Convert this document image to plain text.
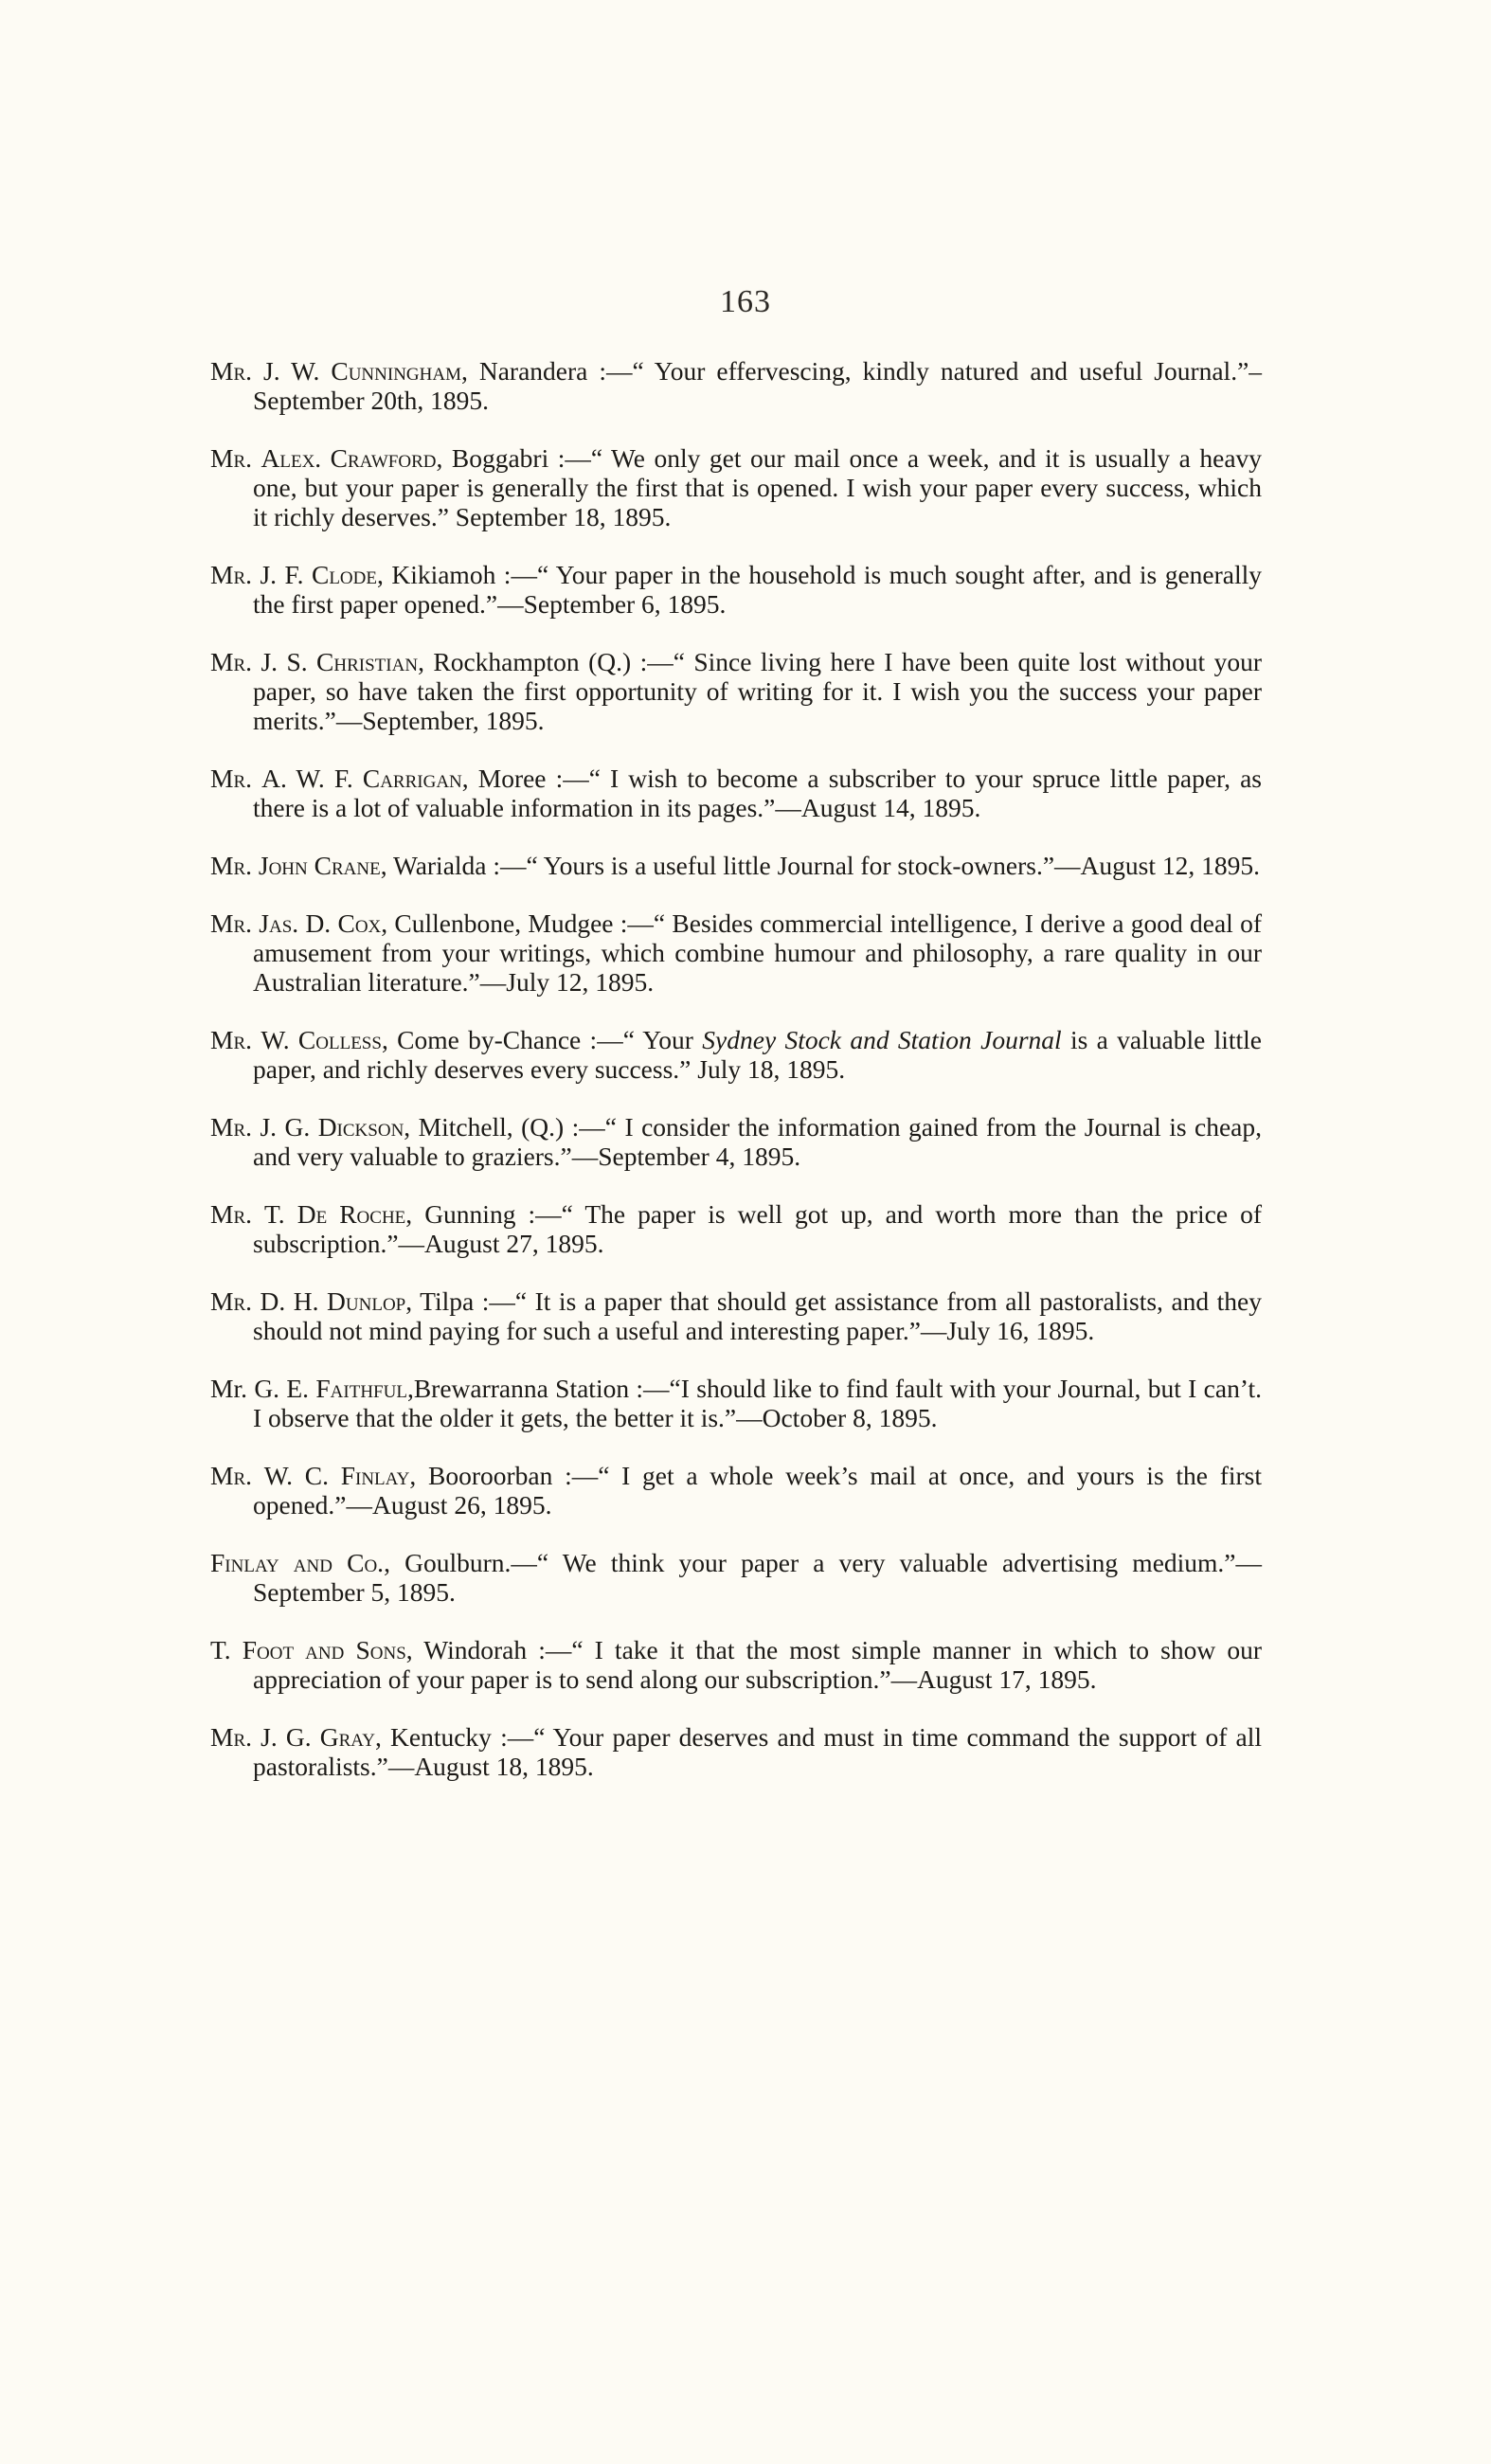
163

Mr. J. W. Cunningham, Narandera :—“ Your effervescing, kindly natured and useful Journal.”– September 20th, 1895.

Mr. Alex. Crawford, Boggabri :—“ We only get our mail once a week, and it is usually a heavy one, but your paper is generally the first that is opened. I wish your paper every success, which it richly deserves.” September 18, 1895.

Mr. J. F. Clode, Kikiamoh :—“ Your paper in the household is much sought after, and is generally the first paper opened.”—September 6, 1895.

Mr. J. S. Christian, Rockhampton (Q.) :—“ Since living here I have been quite lost without your paper, so have taken the first opportunity of writing for it. I wish you the success your paper merits.”—September, 1895.

Mr. A. W. F. Carrigan, Moree :—“ I wish to become a subscriber to your spruce little paper, as there is a lot of valuable information in its pages.”—August 14, 1895.

Mr. John Crane, Warialda :—“ Yours is a useful little Journal for stock-owners.”—August 12, 1895.

Mr. Jas. D. Cox, Cullenbone, Mudgee :—“ Besides commercial intelligence, I derive a good deal of amusement from your writings, which combine humour and philosophy, a rare quality in our Australian literature.”—July 12, 1895.

Mr. W. Colless, Come by-Chance :—“ Your Sydney Stock and Station Journal is a valuable little paper, and richly deserves every success.” July 18, 1895.

Mr. J. G. Dickson, Mitchell, (Q.) :—“ I consider the information gained from the Journal is cheap, and very valuable to graziers.”—September 4, 1895.

Mr. T. De Roche, Gunning :—“ The paper is well got up, and worth more than the price of subscription.”—August 27, 1895.

Mr. D. H. Dunlop, Tilpa :—“ It is a paper that should get assistance from all pastoralists, and they should not mind paying for such a useful and interesting paper.”—July 16, 1895.

Mr. G. E. Faithful,Brewarranna Station :—“I should like to find fault with your Journal, but I can’t. I observe that the older it gets, the better it is.”—October 8, 1895.

Mr. W. C. Finlay, Booroorban :—“ I get a whole week’s mail at once, and yours is the first opened.”—August 26, 1895.

Finlay and Co., Goulburn.—“ We think your paper a very valuable advertising medium.”—September 5, 1895.

T. Foot and Sons, Windorah :—“ I take it that the most simple manner in which to show our appreciation of your paper is to send along our subscription.”—August 17, 1895.

Mr. J. G. Gray, Kentucky :—“ Your paper deserves and must in time command the support of all pastoralists.”—August 18, 1895.
